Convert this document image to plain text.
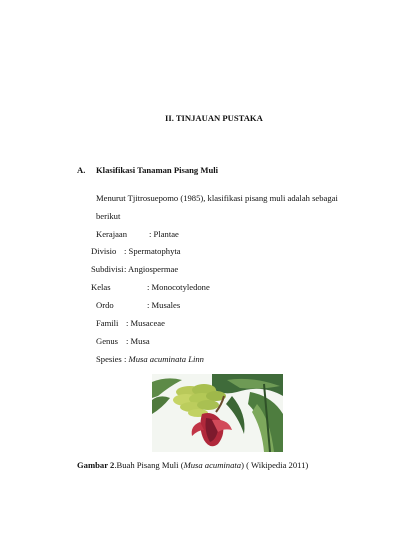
II. TINJAUAN PUSTAKA
A. Klasifikasi Tanaman Pisang Muli
Menurut Tjitrosuepomo (1985), klasifikasi pisang muli adalah sebagai
berikut
Kerajaan	: Plantae
Divisio : Spermatophyta
Subdivisi : Angiospermae
Kelas	: Monocotyledone
Ordo	: Musales
Famili : Musaceae
Genus : Musa
Spesies : Musa acuminata Linn
Gambar 2.Buah Pisang Muli (Musa acuminata) ( Wikipedia 2011)
